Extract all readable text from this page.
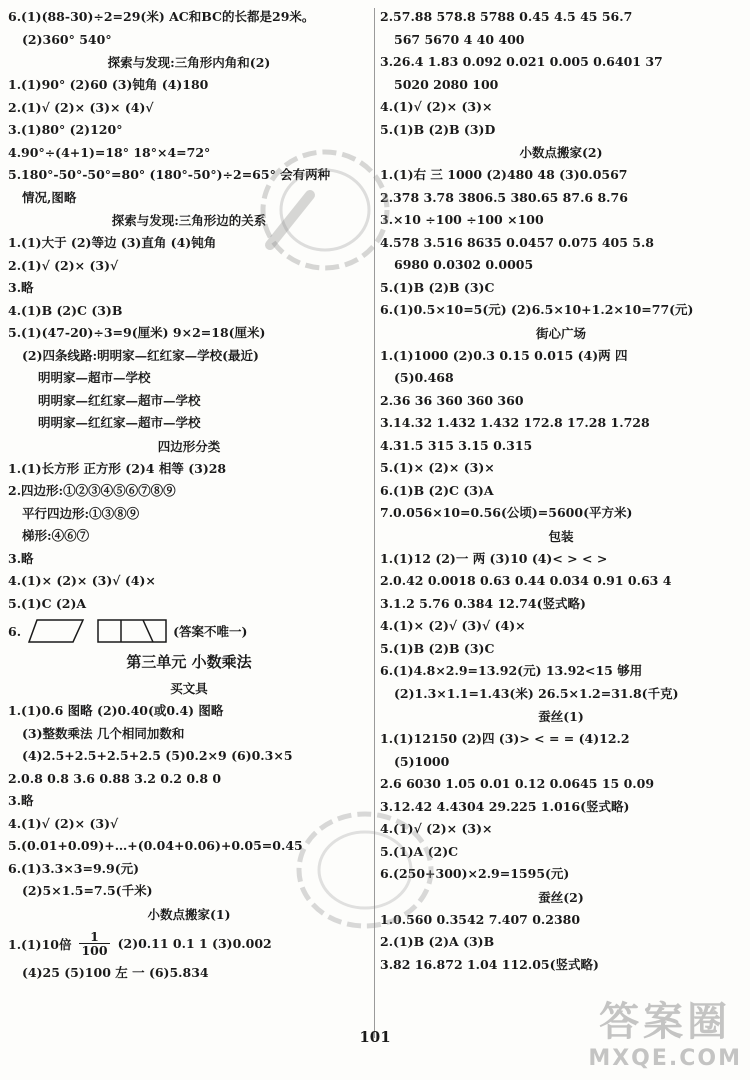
6.(1)(88-30)÷2=29(米) AC和BC的长都是29米。
(2)360° 540°
探索与发现:三角形内角和(2)
1.(1)90° (2)60 (3)钝角 (4)180
2.(1)√ (2)× (3)× (4)√
3.(1)80° (2)120°
4.90°÷(4+1)=18° 18°×4=72°
5.180°-50°-50°=80° (180°-50°)÷2=65° 会有两种
情况,图略
探索与发现:三角形边的关系
1.(1)大于 (2)等边 (3)直角 (4)钝角
2.(1)√ (2)× (3)√
3.略
4.(1)B (2)C (3)B
5.(1)(47-20)÷3=9(厘米) 9×2=18(厘米)
(2)四条线路:明明家—红红家—学校(最近)
明明家—超市—学校
明明家—红红家—超市—学校
明明家—红红家—超市—学校
四边形分类
1.(1)长方形 正方形 (2)4 相等 (3)28
2.四边形:①②③④⑤⑥⑦⑧⑨
平行四边形:①③⑧⑨
梯形:④⑥⑦
3.略
4.(1)× (2)× (3)√ (4)×
5.(1)C (2)A
6.	(答案不唯一)
第三单元 小数乘法
买文具
1.(1)0.6 图略 (2)0.40(或0.4) 图略
(3)整数乘法 几个相同加数和
(4)2.5+2.5+2.5+2.5 (5)0.2×9 (6)0.3×5
2.0.8 0.8 3.6 0.88 3.2 0.2 0.8 0
3.略
4.(1)√ (2)× (3)√
5.(0.01+0.09)+…+(0.04+0.06)+0.05=0.45
6.(1)3.3×3=9.9(元)
(2)5×1.5=7.5(千米)
小数点搬家(1)
1.(1)10倍 $\frac{1}{100} (2)0.11$ 0.1 1 (3)0.002
(4)25 (5)100 左 一 (6)5.834
2.57.88 578.8 5788 0.45 4.5 45 56.7
567 5670 4 40 400
3.26.4 1.83 0.092 0.021 0.005 0.6401 37
5020 2080 100
4.(1)√ (2)× (3)×
5.(1)B (2)B (3)D
小数点搬家(2)
1.(1)右 三 1000 (2)480 48 (3)0.0567
2.378 3.78 3806.5 380.65 87.6 8.76
3.×10 ÷100 ÷100 ×100
4.578 3.516 8635 0.0457 0.075 405 5.8
6980 0.0302 0.0005
5.(1)B (2)B (3)C
6.(1)0.5×10=5(元) (2)6.5×10+1.2×10=77(元)
街心广场
1.(1)1000 (2)0.3 0.15 0.015 (4)两 四
(5)0.468
2.36 36 360 360 360
3.14.32 1.432 1.432 172.8 17.28 1.728
4.31.5 315 3.15 0.315
5.(1)× (2)× (3)×
6.(1)B (2)C (3)A
7.0.056×10=0.56(公顷)=5600(平方米)
包装
1.(1)12 (2)一 两 (3)10 (4)< > < >
2.0.42 0.0018 0.63 0.44 0.034 0.91 0.63 4
3.1.2 5.76 0.384 12.74(竖式略)
4.(1)× (2)√ (3)√ (4)×
5.(1)B (2)B (3)C
6.(1)4.8×2.9=13.92(元) 13.92<15 够用
(2)1.3×1.1=1.43(米) 26.5×1.2=31.8(千克)
蚕丝(1)
1.(1)12150 (2)四 (3)> < = = (4)12.2
(5)1000
2.6 6030 1.05 0.01 0.12 0.0645 15 0.09
3.12.42 4.4304 29.225 1.016(竖式略)
4.(1)√ (2)× (3)×
5.(1)A (2)C
6.(250+300)×2.9=1595(元)
蚕丝(2)
1.0.560 0.3542 7.407 0.2380
2.(1)B (2)A (3)B
3.82 16.872 1.04 112.05(竖式略)
101	答案圈
MXQE.COM
